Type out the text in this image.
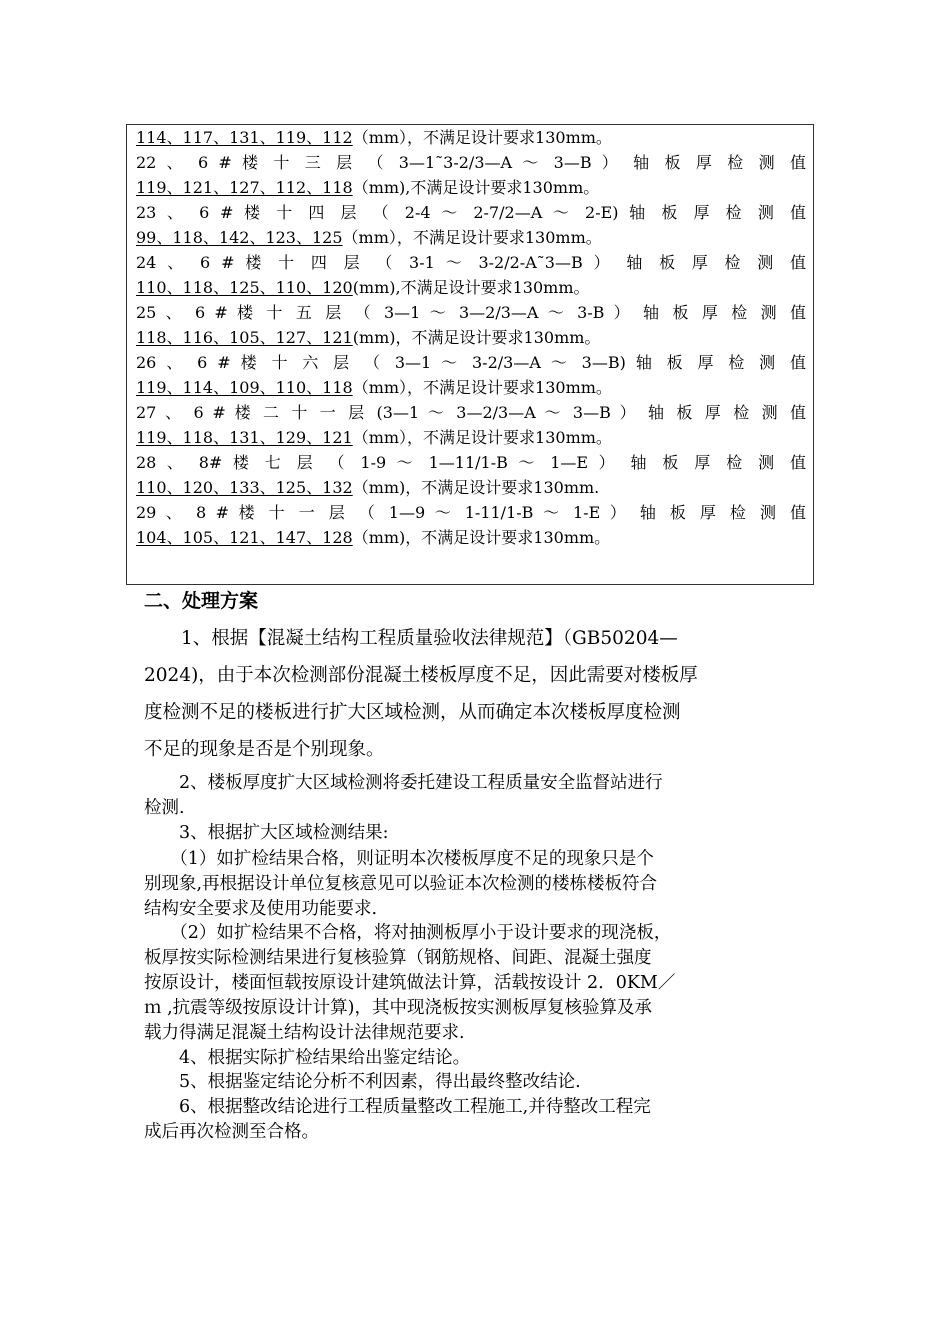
114、117、131、119、112（mm），不满足设计要求130mm。
22 、 6 # 楼 十 三 层 （ 3—1˜3-2/3—A ～ 3—B ） 轴 板 厚 检 测 值
119、121、127、112、118（mm),不满足设计要求130mm。
23 、 6 # 楼 十 四 层 （ 2-4 ～ 2-7/2—A ～ 2-E) 轴 板 厚 检 测 值
99、118、142、123、125（mm），不满足设计要求130mm。
24 、 6 # 楼 十 四 层 （ 3-1 ～ 3-2/2-A˜3—B ） 轴 板 厚 检 测 值
110、118、125、110、120(mm),不满足设计要求130mm。
25 、 6 # 楼 十 五 层 （ 3—1 ～ 3—2/3—A ～ 3-B ） 轴 板 厚 检 测 值
118、116、105、127、121(mm)，不满足设计要求130mm。
26 、 6 # 楼 十 六 层 （ 3—1 ～ 3-2/3—A ～ 3—B) 轴 板 厚 检 测 值
119、114、109、110、118（mm），不满足设计要求130mm。
27 、 6 # 楼 二 十 一 层 (3—1 ～ 3—2/3—A ～ 3—B ） 轴 板 厚 检 测 值
119、118、131、129、121（mm），不满足设计要求130mm。
28 、 8# 楼 七 层 （ 1-9 ～ 1—11/1-B ～ 1—E ） 轴 板 厚 检 测 值
110、120、133、125、132（mm)，不满足设计要求130mm.
29 、 8 # 楼 十 一 层 （ 1—9 ～ 1-11/1-B ～ 1-E ） 轴 板 厚 检 测 值
104、105、121、147、128（mm)，不满足设计要求130mm。
二、处理方案
　　1、根据【混凝土结构工程质量验收法律规范】（GB50204—
2024)，由于本次检测部份混凝土楼板厚度不足，因此需要对楼板厚
度检测不足的楼板进行扩大区域检测，从而确定本次楼板厚度检测
不足的现象是否是个别现象。
　　2、楼板厚度扩大区域检测将委托建设工程质量安全监督站进行
检测.
　　3、根据扩大区域检测结果:
　　（1）如扩检结果合格，则证明本次楼板厚度不足的现象只是个
别现象,再根据设计单位复核意见可以验证本次检测的楼栋楼板符合
结构安全要求及使用功能要求.
　　（2）如扩检结果不合格，将对抽测板厚小于设计要求的现浇板，
板厚按实际检测结果进行复核验算（钢筋规格、间距、混凝土强度
按原设计，楼面恒载按原设计建筑做法计算，活载按设计 2．0KM／
ｍ ,抗震等级按原设计计算)，其中现浇板按实测板厚复核验算及承
载力得满足混凝土结构设计法律规范要求.
　　4、根据实际扩检结果给出鉴定结论。
　　5、根据鉴定结论分析不利因素，得出最终整改结论.
　　6、根据整改结论进行工程质量整改工程施工,并待整改工程完
成后再次检测至合格。
